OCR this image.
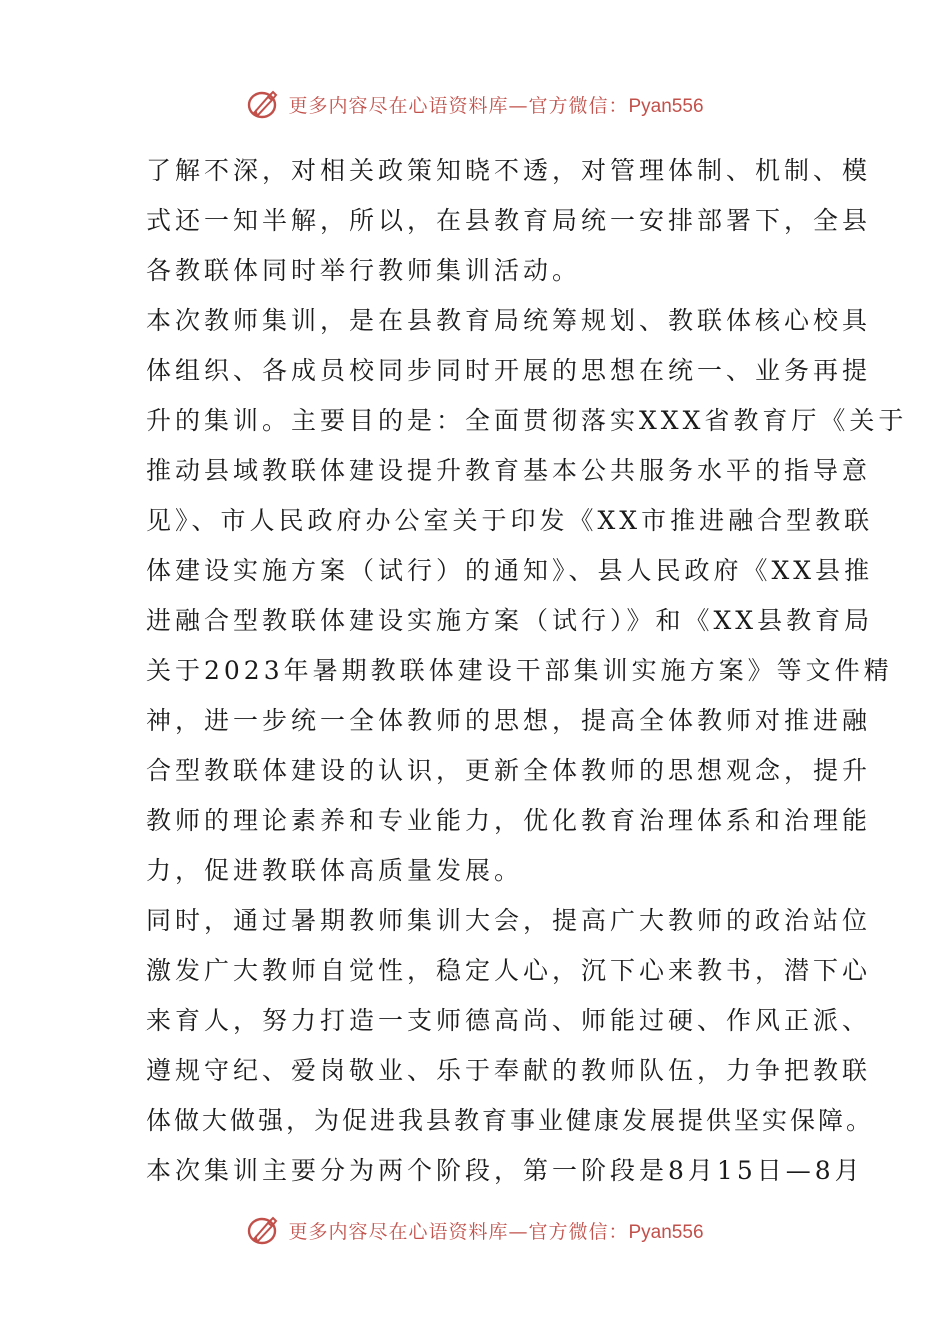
更多内容尽在心语资料库—官方微信：Pyan556
了解不深，对相关政策知晓不透，对管理体制、机制、模
式还一知半解，所以，在县教育局统一安排部署下，全县
各教联体同时举行教师集训活动。
本次教师集训，是在县教育局统筹规划、教联体核心校具
体组织、各成员校同步同时开展的思想在统一、业务再提
升的集训。主要目的是：全面贯彻落实XXX省教育厅《关于
推动县域教联体建设提升教育基本公共服务水平的指导意
见》、市人民政府办公室关于印发《XX市推进融合型教联
体建设实施方案（试行）的通知》、县人民政府《XX县推
进融合型教联体建设实施方案（试行）》和《XX县教育局
关于2023年暑期教联体建设干部集训实施方案》等文件精
神，进一步统一全体教师的思想，提高全体教师对推进融
合型教联体建设的认识，更新全体教师的思想观念，提升
教师的理论素养和专业能力，优化教育治理体系和治理能
力，促进教联体高质量发展。
同时，通过暑期教师集训大会，提高广大教师的政治站位
激发广大教师自觉性，稳定人心，沉下心来教书，潜下心
来育人，努力打造一支师德高尚、师能过硬、作风正派、
遵规守纪、爱岗敬业、乐于奉献的教师队伍，力争把教联
体做大做强，为促进我县教育事业健康发展提供坚实保障。
本次集训主要分为两个阶段，第一阶段是8月15日—8月
更多内容尽在心语资料库—官方微信：Pyan556
